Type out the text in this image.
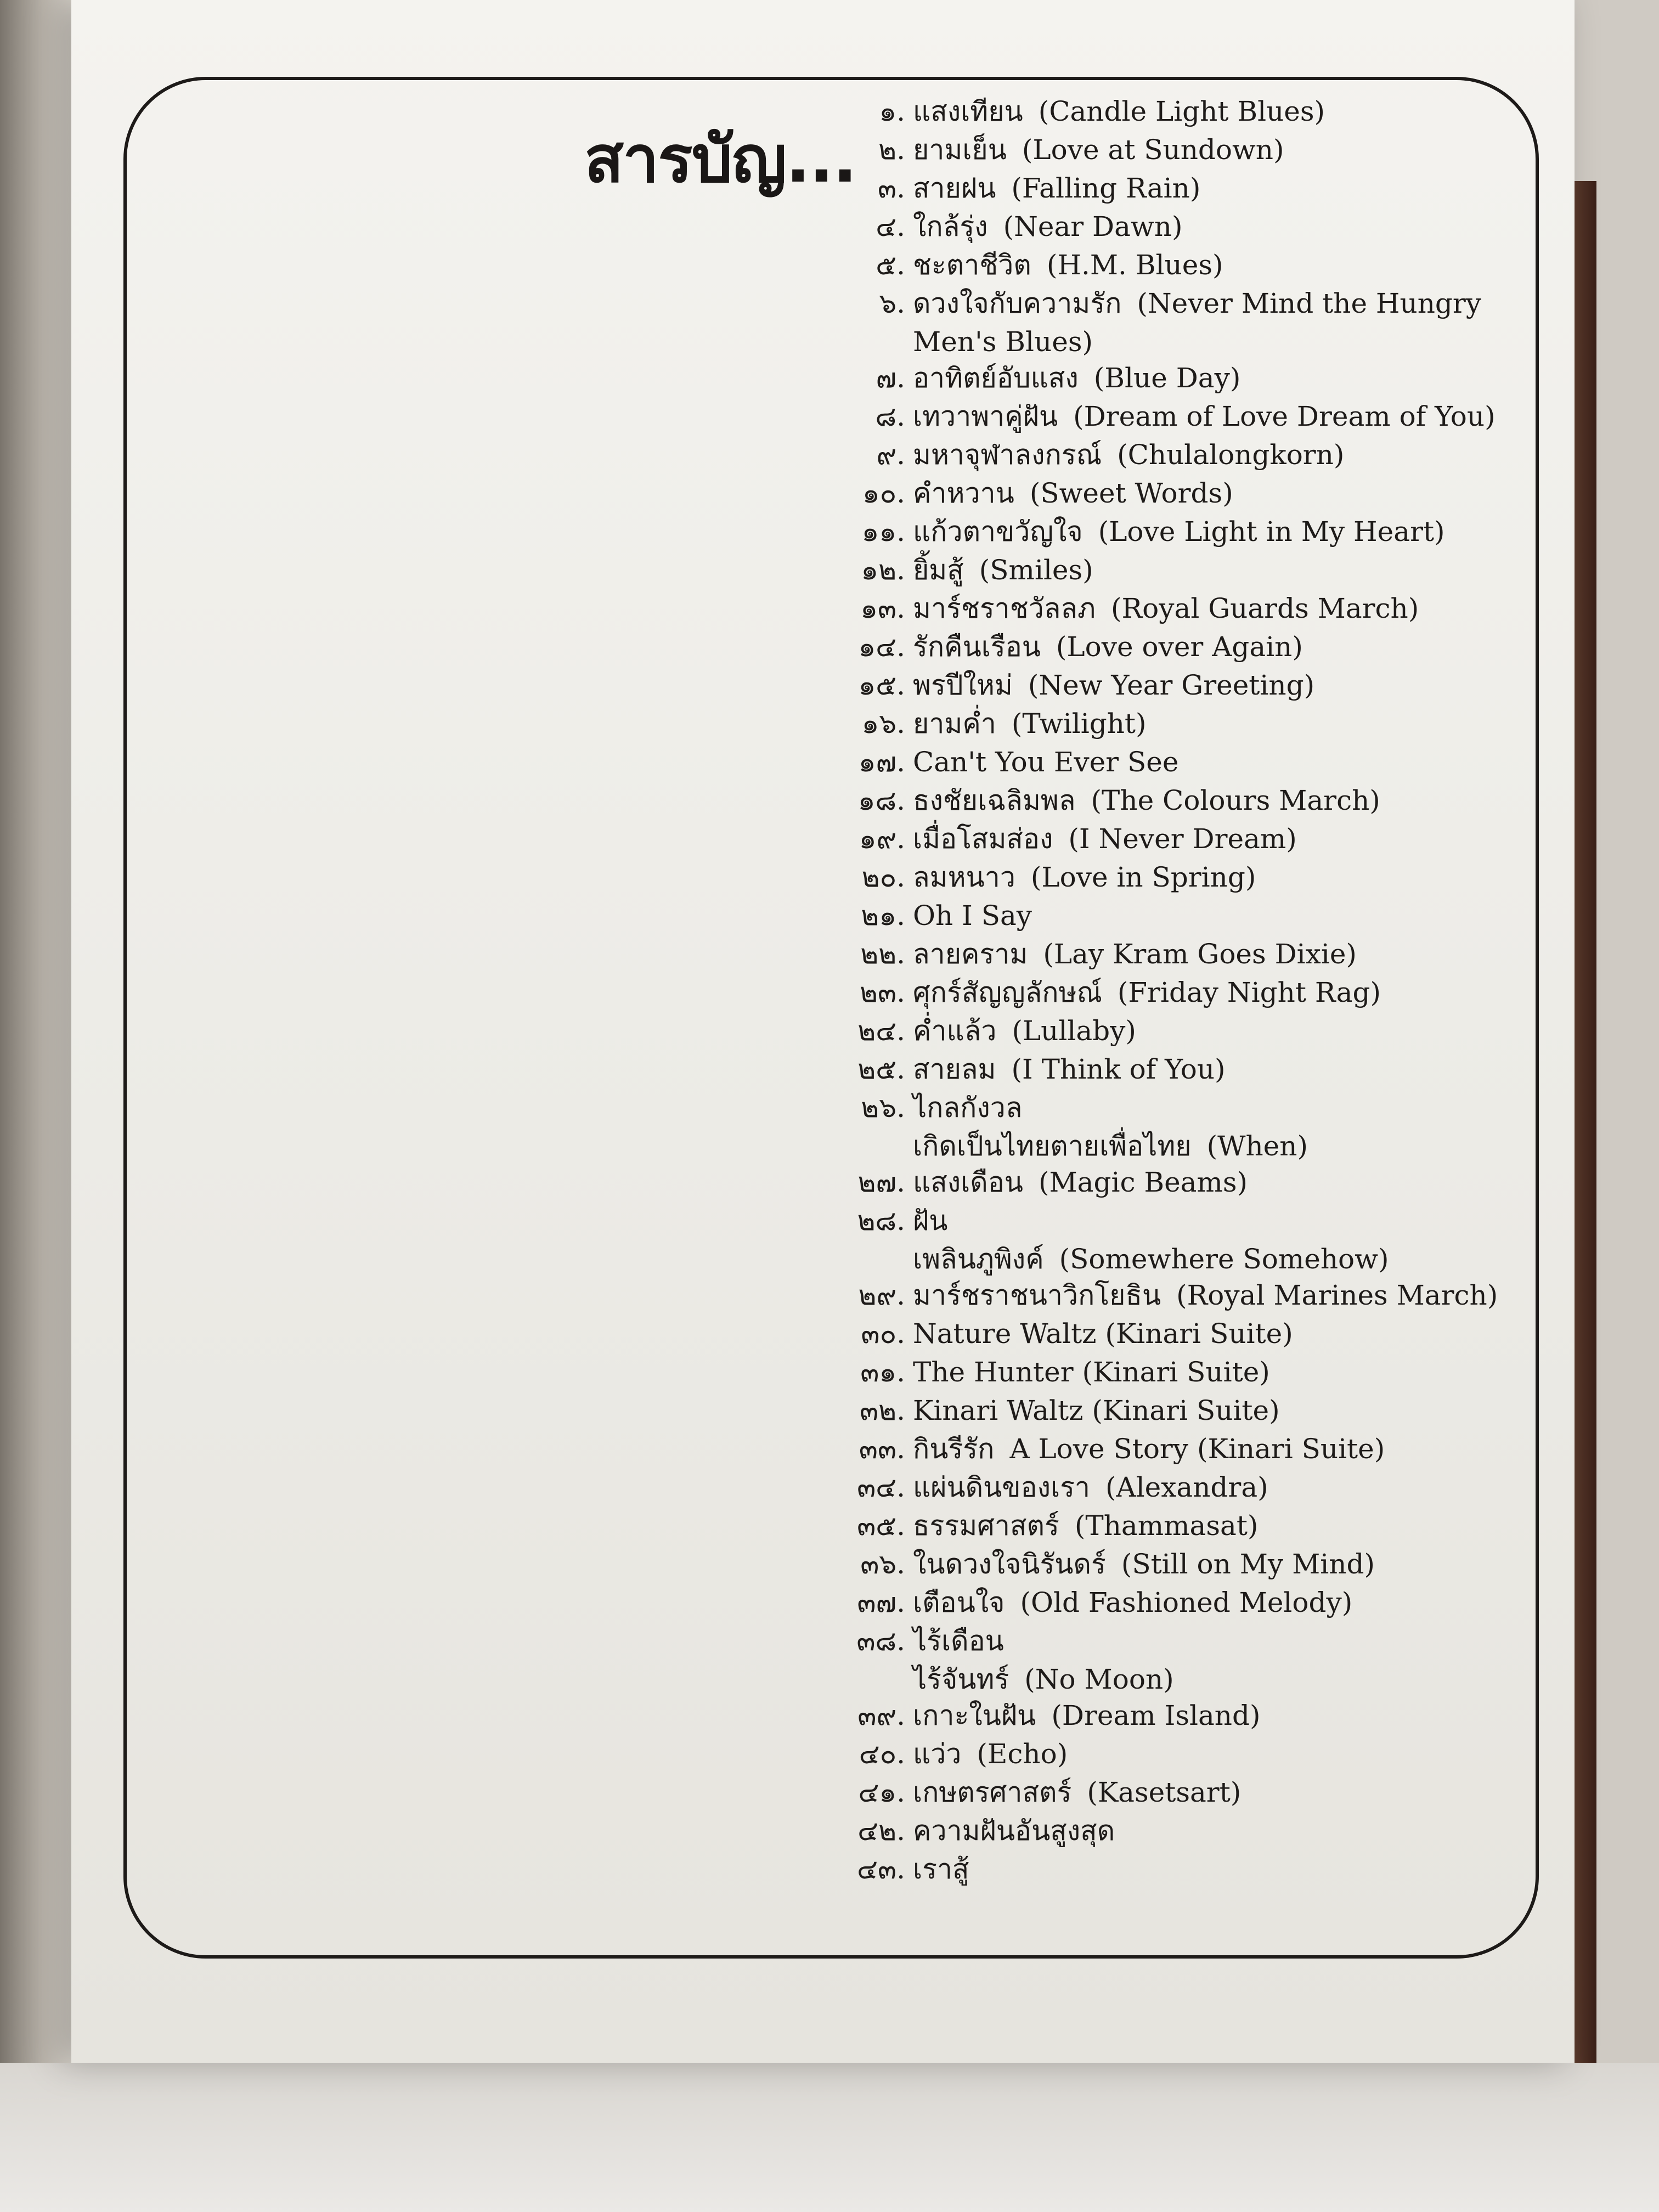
สารบัญ...
๑. แสงเทียน (Candle Light Blues)
๒. ยามเย็น (Love at Sundown)
๓. สายฝน (Falling Rain)
๔. ใกล้รุ่ง (Near Dawn)
๕. ชะตาชีวิต (H.M. Blues)
๖. ดวงใจกับความรัก (Never Mind the Hungry
Men's Blues)
๗. อาทิตย์อับแสง (Blue Day)
๘. เทวาพาคู่ฝัน (Dream of Love Dream of You)
๙. มหาจุฬาลงกรณ์ (Chulalongkorn)
๑๐. คำหวาน (Sweet Words)
๑๑. แก้วตาขวัญใจ (Love Light in My Heart)
๑๒. ยิ้มสู้ (Smiles)
๑๓. มาร์ชราชวัลลภ (Royal Guards March)
๑๔. รักคืนเรือน (Love over Again)
๑๕. พรปีใหม่ (New Year Greeting)
๑๖. ยามค่ำ (Twilight)
๑๗. Can't You Ever See
๑๘. ธงชัยเฉลิมพล (The Colours March)
๑๙. เมื่อโสมส่อง (I Never Dream)
๒๐. ลมหนาว (Love in Spring)
๒๑. Oh I Say
๒๒. ลายคราม (Lay Kram Goes Dixie)
๒๓. ศุกร์สัญญลักษณ์ (Friday Night Rag)
๒๔. ค่ำแล้ว (Lullaby)
๒๕. สายลม (I Think of You)
๒๖. ไกลกังวล
เกิดเป็นไทยตายเพื่อไทย (When)
๒๗. แสงเดือน (Magic Beams)
๒๘. ฝัน
เพลินภูพิงค์ (Somewhere Somehow)
๒๙. มาร์ชราชนาวิกโยธิน (Royal Marines March)
๓๐. Nature Waltz (Kinari Suite)
๓๑. The Hunter (Kinari Suite)
๓๒. Kinari Waltz (Kinari Suite)
๓๓. กินรีรัก A Love Story (Kinari Suite)
๓๔. แผ่นดินของเรา (Alexandra)
๓๕. ธรรมศาสตร์ (Thammasat)
๓๖. ในดวงใจนิรันดร์ (Still on My Mind)
๓๗. เตือนใจ (Old Fashioned Melody)
๓๘. ไร้เดือน
ไร้จันทร์ (No Moon)
๓๙. เกาะในฝัน (Dream Island)
๔๐. แว่ว (Echo)
๔๑. เกษตรศาสตร์ (Kasetsart)
๔๒. ความฝันอันสูงสุด
๔๓. เราสู้
